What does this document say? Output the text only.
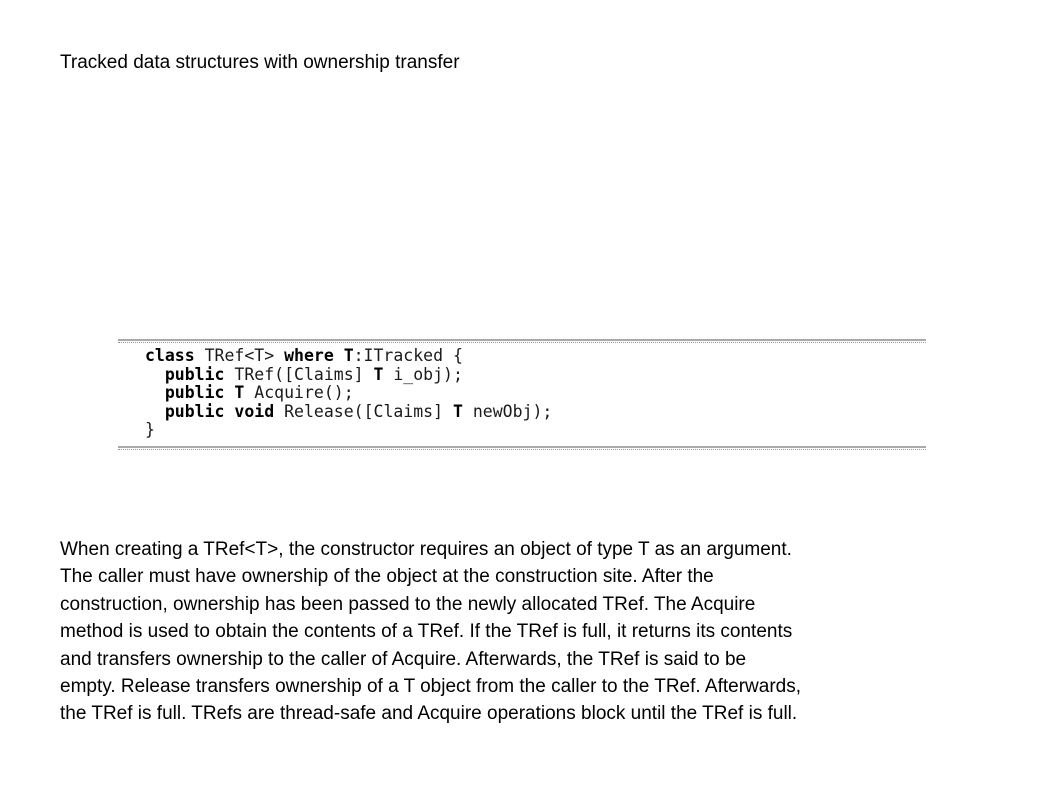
Tracked data structures with ownership transfer
class TRef<T> where T:ITracked {
public TRef([Claims] T i_obj);
public T Acquire();
public void Release([Claims] T newObj);
}
When creating a TRef<T>, the constructor requires an object of type T as an argument.
The caller must have ownership of the object at the construction site. After the
construction, ownership has been passed to the newly allocated TRef. The Acquire
method is used to obtain the contents of a TRef. If the TRef is full, it returns its contents
and transfers ownership to the caller of Acquire. Afterwards, the TRef is said to be
empty. Release transfers ownership of a T object from the caller to the TRef. Afterwards,
the TRef is full. TRefs are thread-safe and Acquire operations block until the TRef is full.
